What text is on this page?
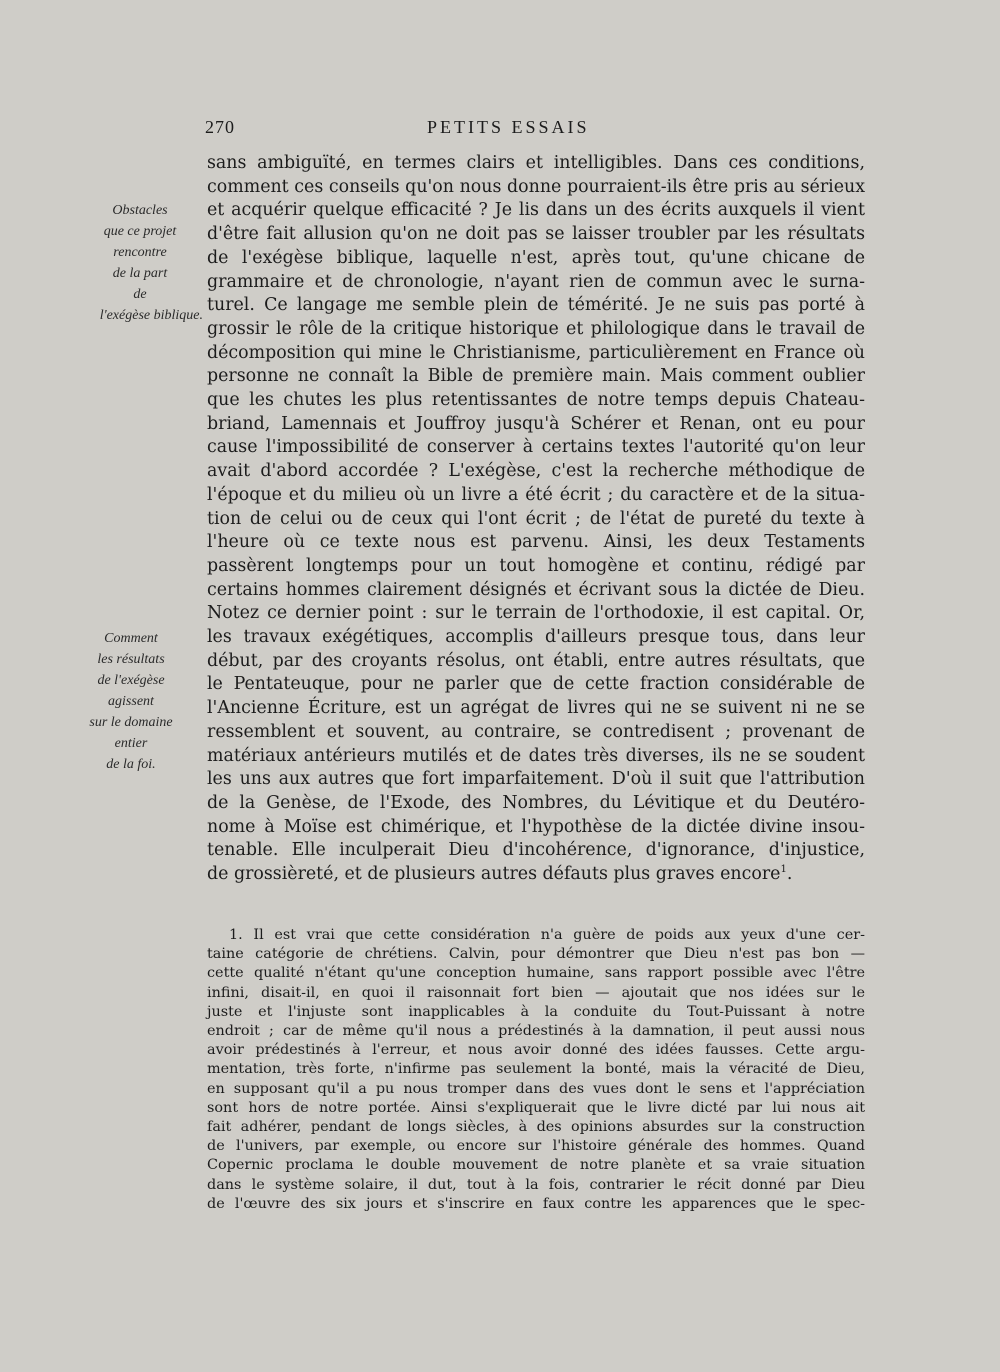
270	PETITS ESSAIS
Obstacles
que ce projet
rencontre
de la part
de
l'exégèse biblique.
Comment
les résultats
de l'exégèse
agissent
sur le domaine
entier
de la foi.
sans ambiguïté, en termes clairs et intelligibles. Dans ces conditions,
comment ces conseils qu'on nous donne pourraient-ils être pris au sérieux
et acquérir quelque efficacité ? Je lis dans un des écrits auxquels il vient
d'être fait allusion qu'on ne doit pas se laisser troubler par les résultats
de l'exégèse biblique, laquelle n'est, après tout, qu'une chicane de
grammaire et de chronologie, n'ayant rien de commun avec le surna-
turel. Ce langage me semble plein de témérité. Je ne suis pas porté à
grossir le rôle de la critique historique et philologique dans le travail de
décomposition qui mine le Christianisme, particulièrement en France où
personne ne connaît la Bible de première main. Mais comment oublier
que les chutes les plus retentissantes de notre temps depuis Chateau-
briand, Lamennais et Jouffroy jusqu'à Schérer et Renan, ont eu pour
cause l'impossibilité de conserver à certains textes l'autorité qu'on leur
avait d'abord accordée ? L'exégèse, c'est la recherche méthodique de
l'époque et du milieu où un livre a été écrit ; du caractère et de la situa-
tion de celui ou de ceux qui l'ont écrit ; de l'état de pureté du texte à
l'heure où ce texte nous est parvenu. Ainsi, les deux Testaments
passèrent longtemps pour un tout homogène et continu, rédigé par
certains hommes clairement désignés et écrivant sous la dictée de Dieu.
Notez ce dernier point : sur le terrain de l'orthodoxie, il est capital. Or,
les travaux exégétiques, accomplis d'ailleurs presque tous, dans leur
début, par des croyants résolus, ont établi, entre autres résultats, que
le Pentateuque, pour ne parler que de cette fraction considérable de
l'Ancienne Écriture, est un agrégat de livres qui ne se suivent ni ne se
ressemblent et souvent, au contraire, se contredisent ; provenant de
matériaux antérieurs mutilés et de dates très diverses, ils ne se soudent
les uns aux autres que fort imparfaitement. D'où il suit que l'attribution
de la Genèse, de l'Exode, des Nombres, du Lévitique et du Deutéro-
nome à Moïse est chimérique, et l'hypothèse de la dictée divine insou-
tenable. Elle inculperait Dieu d'incohérence, d'ignorance, d'injustice,
de grossièreté, et de plusieurs autres défauts plus graves encore$^1$.
1. Il est vrai que cette considération n'a guère de poids aux yeux d'une cer-
taine catégorie de chrétiens. Calvin, pour démontrer que Dieu n'est pas bon —
cette qualité n'étant qu'une conception humaine, sans rapport possible avec l'être
infini, disait-il, en quoi il raisonnait fort bien — ajoutait que nos idées sur le
juste et l'injuste sont inapplicables à la conduite du Tout-Puissant à notre
endroit ; car de même qu'il nous a prédestinés à la damnation, il peut aussi nous
avoir prédestinés à l'erreur, et nous avoir donné des idées fausses. Cette argu-
mentation, très forte, n'infirme pas seulement la bonté, mais la véracité de Dieu,
en supposant qu'il a pu nous tromper dans des vues dont le sens et l'appréciation
sont hors de notre portée. Ainsi s'expliquerait que le livre dicté par lui nous ait
fait adhérer, pendant de longs siècles, à des opinions absurdes sur la construction
de l'univers, par exemple, ou encore sur l'histoire générale des hommes. Quand
Copernic proclama le double mouvement de notre planète et sa vraie situation
dans le système solaire, il dut, tout à la fois, contrarier le récit donné par Dieu
de l'œuvre des six jours et s'inscrire en faux contre les apparences que le spec-
